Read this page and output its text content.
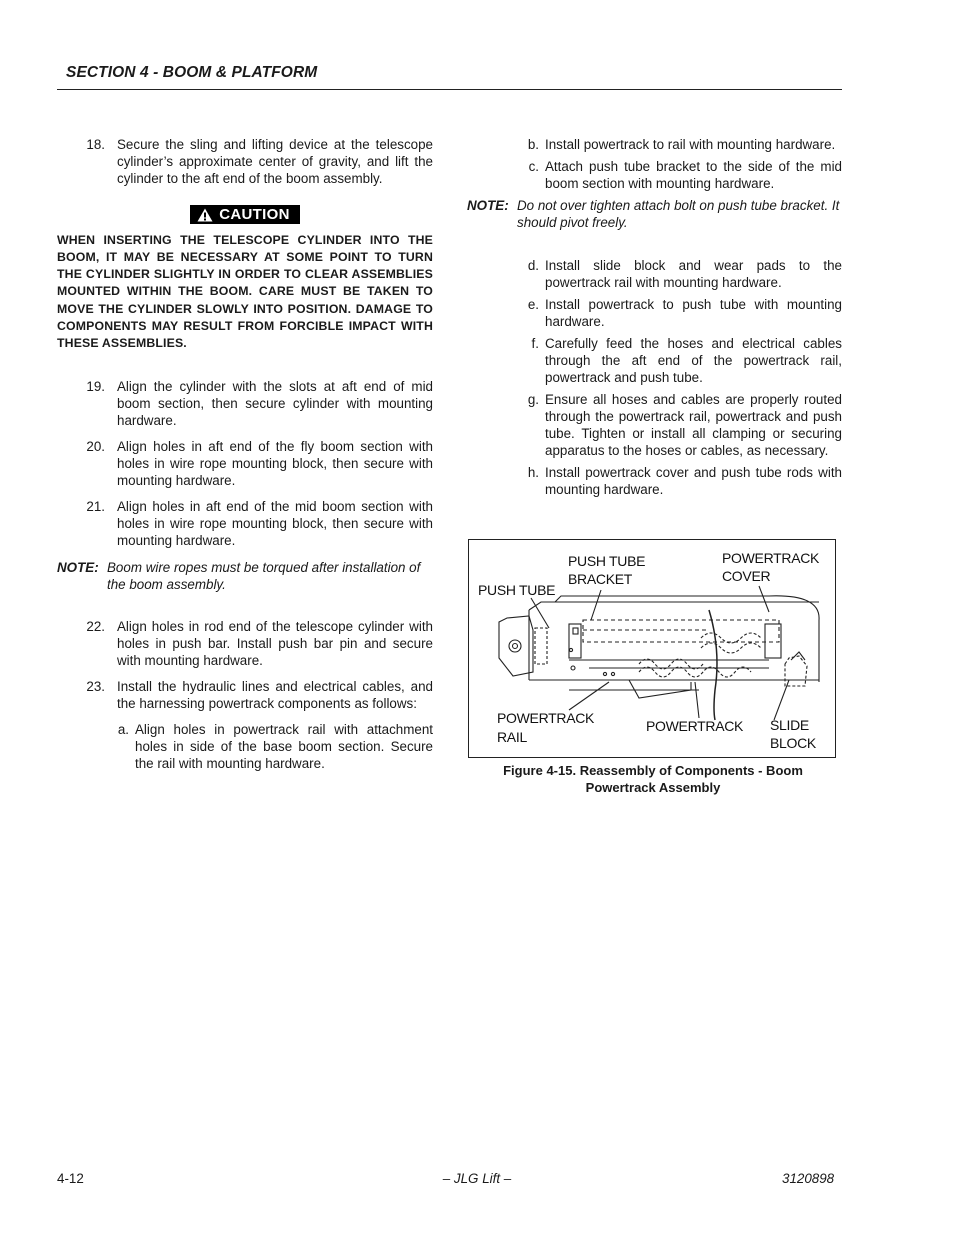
SECTION 4 - BOOM & PLATFORM
18. Secure the sling and lifting device at the telescope cylinder’s approximate center of gravity, and lift the cylinder to the aft end of the boom assembly.
CAUTION
WHEN INSERTING THE TELESCOPE CYLINDER INTO THE BOOM, IT MAY BE NECESSARY AT SOME POINT TO TURN THE CYLINDER SLIGHTLY IN ORDER TO CLEAR ASSEMBLIES MOUNTED WITHIN THE BOOM. CARE MUST BE TAKEN TO MOVE THE CYLINDER SLOWLY INTO POSITION. DAMAGE TO COMPONENTS MAY RESULT FROM FORCIBLE IMPACT WITH THESE ASSEMBLIES.
19. Align the cylinder with the slots at aft end of mid boom section, then secure cylinder with mounting hardware.
20. Align holes in aft end of the fly boom section with holes in wire rope mounting block, then secure with mounting hardware.
21. Align holes in aft end of the mid boom section with holes in wire rope mounting block, then secure with mounting hardware.
NOTE: Boom wire ropes must be torqued after installation of the boom assembly.
22. Align holes in rod end of the telescope cylinder with holes in push bar. Install push bar pin and secure with mounting hardware.
23. Install the hydraulic lines and electrical cables, and the harnessing powertrack components as follows:
a. Align holes in powertrack rail with attachment holes in side of the base boom section. Secure the rail with mounting hardware.
b. Install powertrack to rail with mounting hardware.
c. Attach push tube bracket to the side of the mid boom section with mounting hardware.
NOTE: Do not over tighten attach bolt on push tube bracket. It should pivot freely.
d. Install slide block and wear pads to the powertrack rail with mounting hardware.
e. Install powertrack to push tube with mounting hardware.
f. Carefully feed the hoses and electrical cables through the aft end of the powertrack rail, powertrack and push tube.
g. Ensure all hoses and cables are properly routed through the powertrack rail, powertrack and push tube. Tighten or install all clamping or securing apparatus to the hoses or cables, as necessary.
h. Install powertrack cover and push tube rods with mounting hardware.
PUSH TUBE
PUSH TUBE
BRACKET
POWERTRACK
COVER
POWERTRACK
RAIL
POWERTRACK SLIDE
BLOCK
Figure 4-15. Reassembly of Components - Boom
Powertrack Assembly
4-12	– JLG Lift –	3120898
